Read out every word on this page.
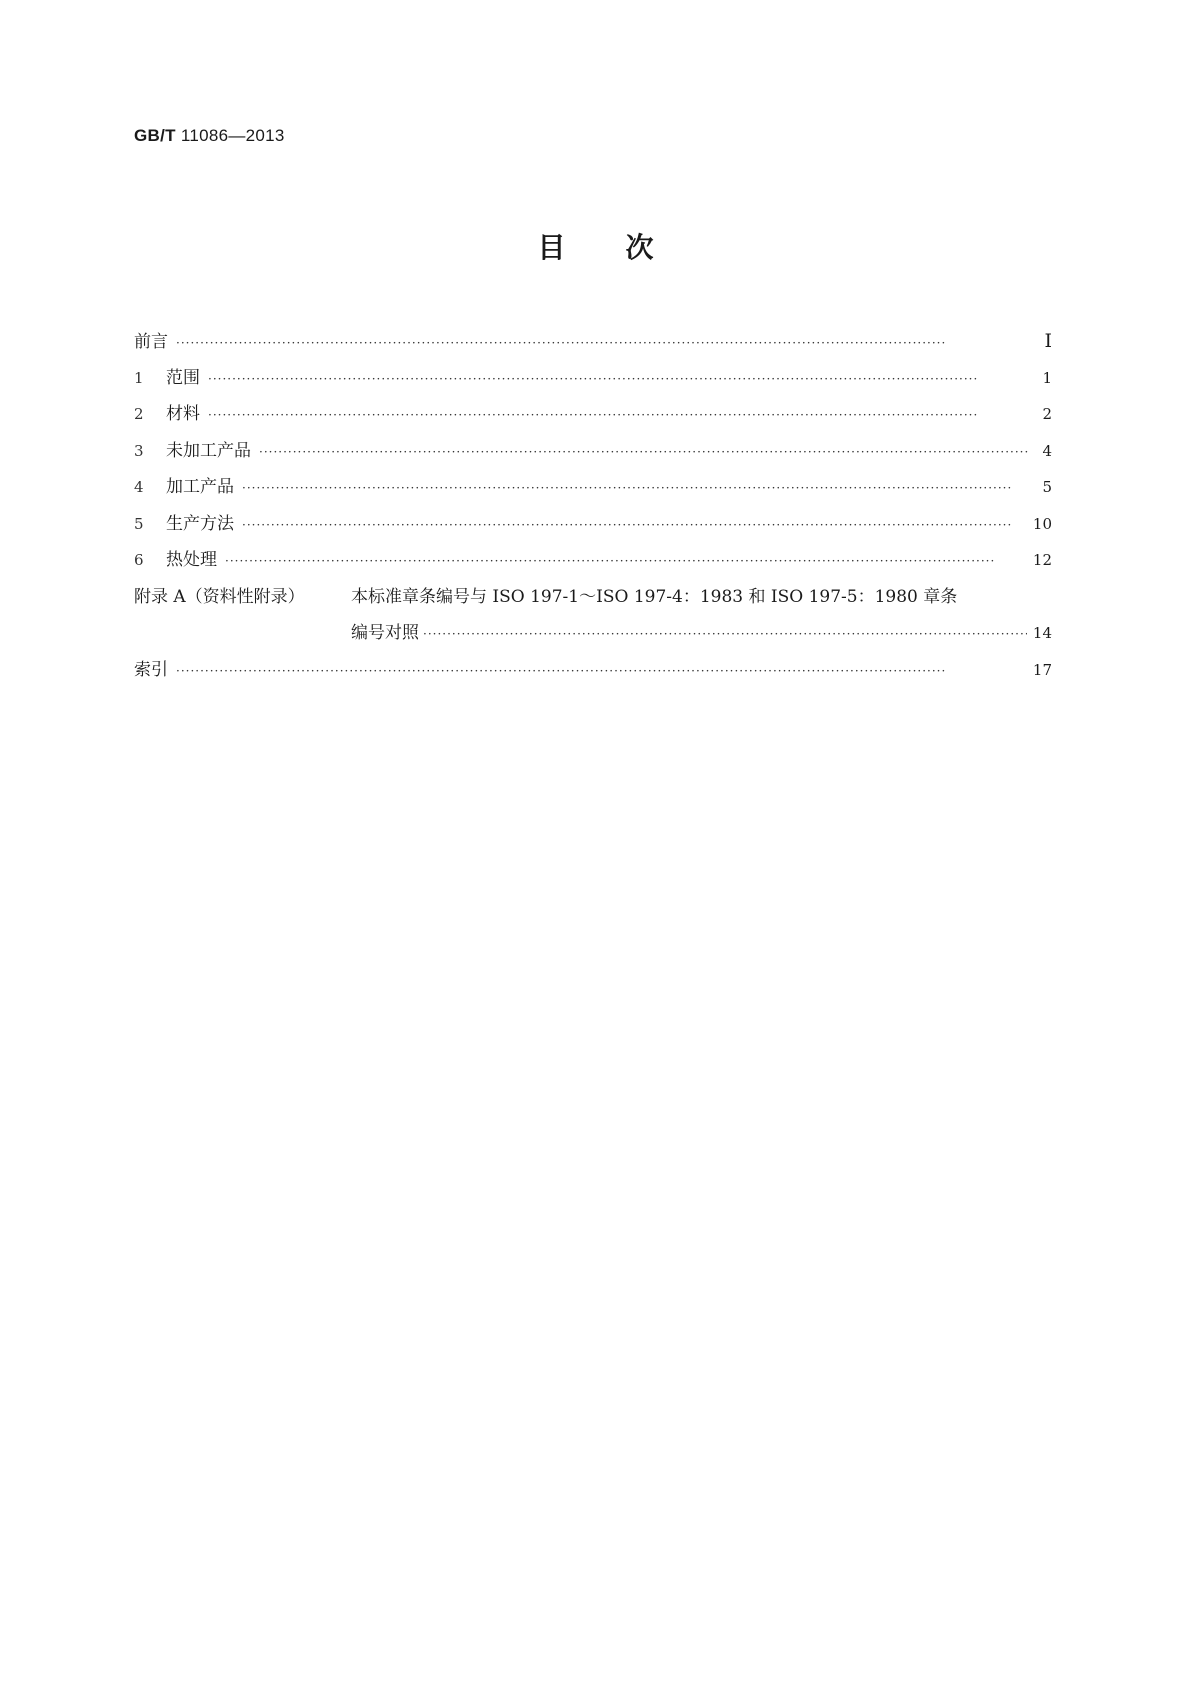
GB/T 11086—2013
目次
前言 ·····	Ⅰ
1	范围 ·····	1
2	材料 ·····	2
3	未加工产品 ·····	4
4	加工产品 ·····	5
5	生产方法 ·····	10
6	热处理 ·····	12
附录 A（资料性附录）	本标准章条编号与 ISO 197-1～ISO 197-4：1983 和 ISO 197-5：1980 章条
编号对照 ·····	14
索引 ·····	17
